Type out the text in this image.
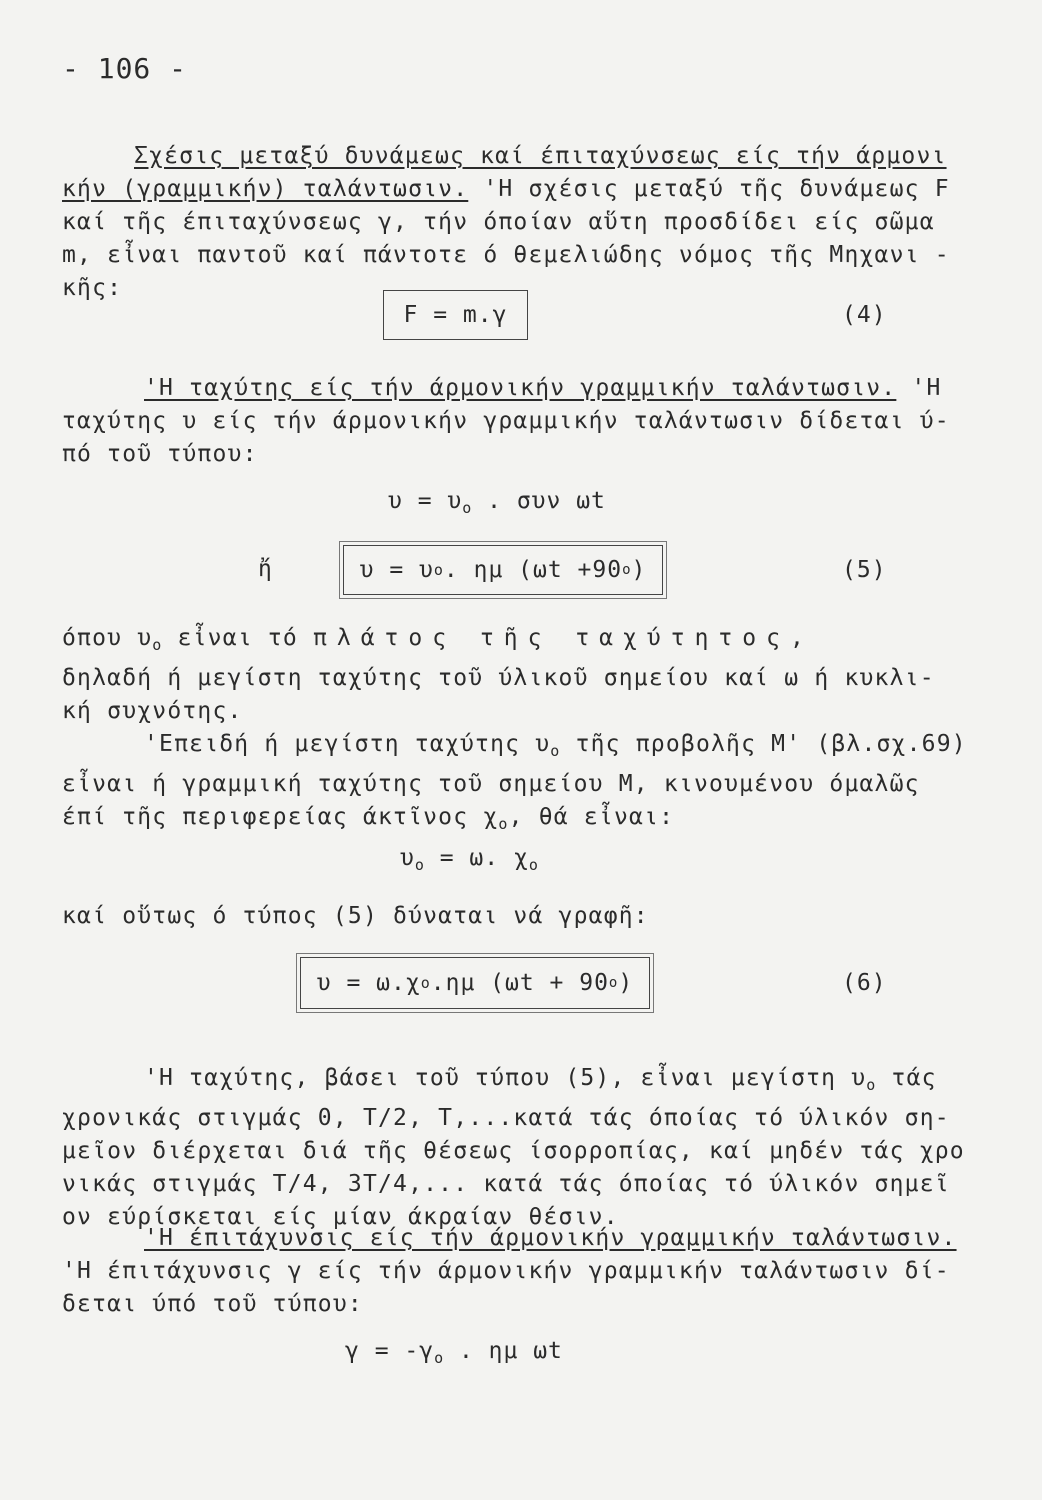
- 106 -
Σχέσις μεταξύ δυνάμεως καί έπιταχύνσεως είς τήν άρμονι
κήν (γραμμικήν) ταλάντωσιν. 'Η σχέσις μεταξύ τῆς δυνάμεως F
καί τῆς έπιταχύνσεως γ, τήν όποίαν αὕτη προσδίδει είς σῶμα
m, εἶναι παντοῦ καί πάντοτε ό θεμελιώδης νόμος τῆς Μηχανι -
κῆς:
F = m.γ	(4)
'Η ταχύτης είς τήν άρμονικήν γραμμικήν ταλάντωσιν. 'Η
ταχύτης υ είς τήν άρμονικήν γραμμικήν ταλάντωσιν δίδεται ύ-
πό τοῦ τύπου:
$\upsilon = \upsilon_o$ . συν ωt
ἤ	υ = υ o . ημ (ωt +90 o )	(5)
όπου $\upsilon_o$ εἶναι τό πλάτος τῆς ταχύτητος,
δηλαδή ή μεγίστη ταχύτης τοῦ ύλικοῦ σημείου καί ω ή κυκλι-
κή συχνότης.
'Επειδή ή μεγίστη ταχύτης $\upsilon_o$ τῆς προβολῆς M' (βλ.σχ.69)
εἶναι ή γραμμική ταχύτης τοῦ σημείου M, κινουμένου όμαλῶς
έπί τῆς περιφερείας άκτῖνος $\chi_o$, θά εἶναι:
$\upsilon_o = \omega$. $\chi_o$
καί οὕτως ό τύπος (5) δύναται νά γραφῆ:
υ = ω.χ o .ημ (ωt + 90 o )	(6)
'Η ταχύτης, βάσει τοῦ τύπου (5), εἶναι μεγίστη $\upsilon_o$ τάς
χρονικάς στιγμάς 0, T/2, T,...κατά τάς όποίας τό ύλικόν ση-
μεῖον διέρχεται διά τῆς θέσεως ίσορροπίας, καί μηδέν τάς χρο
νικάς στιγμάς T/4, 3T/4,... κατά τάς όποίας τό ύλικόν σημεῖ
ον εύρίσκεται είς μίαν άκραίαν θέσιν.
'Η έπιτάχυνσις είς τήν άρμονικήν γραμμικήν ταλάντωσιν.
'Η έπιτάχυνσις γ είς τήν άρμονικήν γραμμικήν ταλάντωσιν δί-
δεται ύπό τοῦ τύπου:
$\gamma = -\gamma_o$ . ημ ωt
